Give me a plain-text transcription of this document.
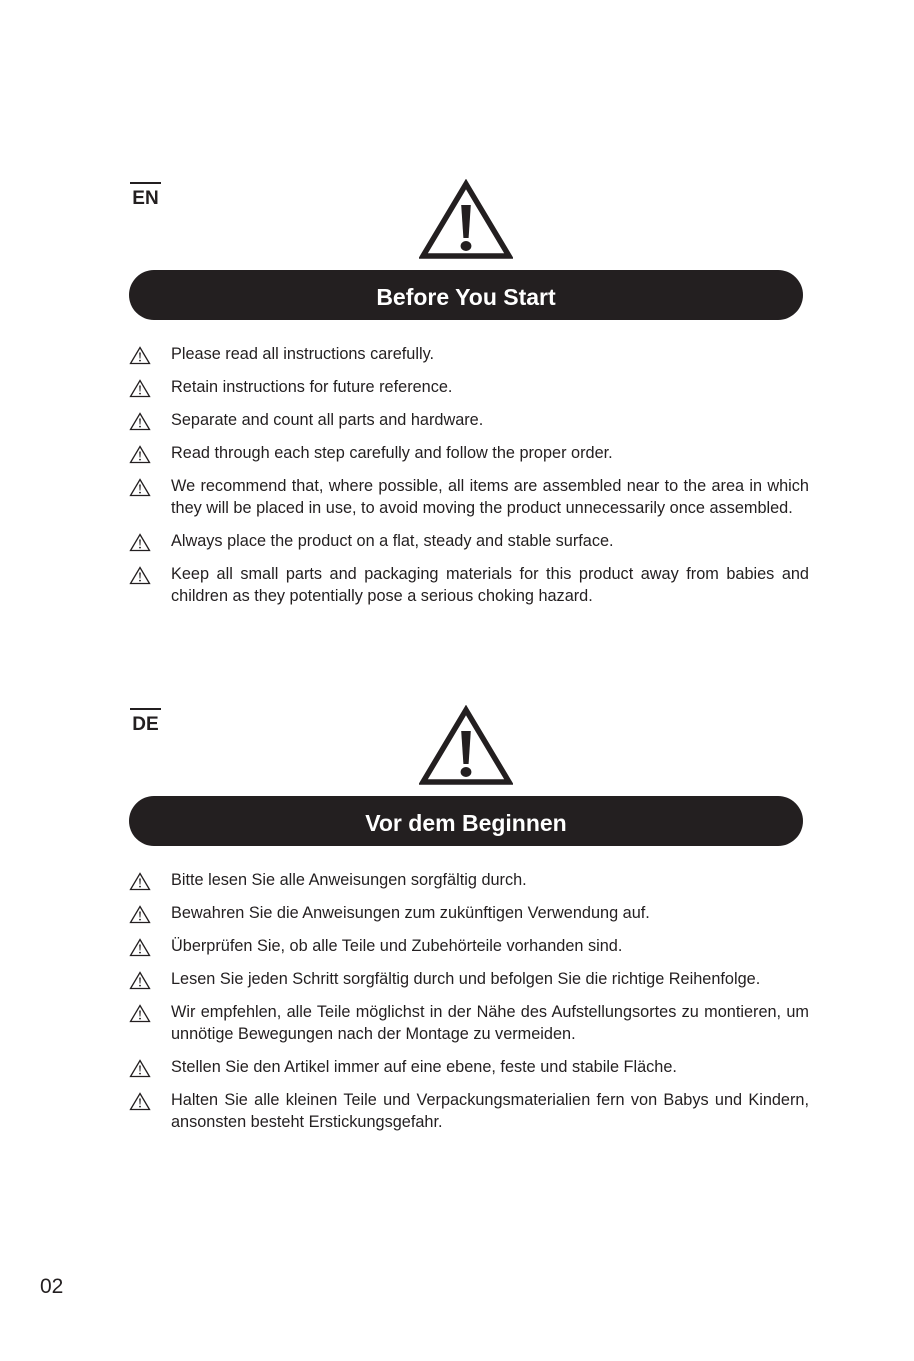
EN
Before You Start
Please read all instructions carefully.
Retain instructions for future reference.
Separate and count all parts and hardware.
Read through each step carefully and follow the proper order.
We recommend that, where possible, all items are assembled near to the area in which they will be placed in use, to avoid moving the product unnecessarily once assembled.
Always place the product on a flat, steady and stable surface.
Keep all small parts and packaging materials for this product away from babies and children as they potentially pose a serious choking hazard.
DE
Vor dem Beginnen
Bitte lesen Sie alle Anweisungen sorgfältig durch.
Bewahren Sie die Anweisungen zum zukünftigen Verwendung auf.
Überprüfen Sie, ob alle Teile und Zubehörteile vorhanden sind.
Lesen Sie jeden Schritt sorgfältig durch und befolgen Sie die richtige Reihenfolge.
Wir empfehlen, alle Teile möglichst in der Nähe des Aufstellungsortes zu montieren, um unnötige Bewegungen nach der Montage zu vermeiden.
Stellen Sie den Artikel immer auf eine ebene, feste und stabile Fläche.
Halten Sie alle kleinen Teile und Verpackungsmaterialien fern von Babys und Kindern, ansonsten besteht Erstickungsgefahr.
02
